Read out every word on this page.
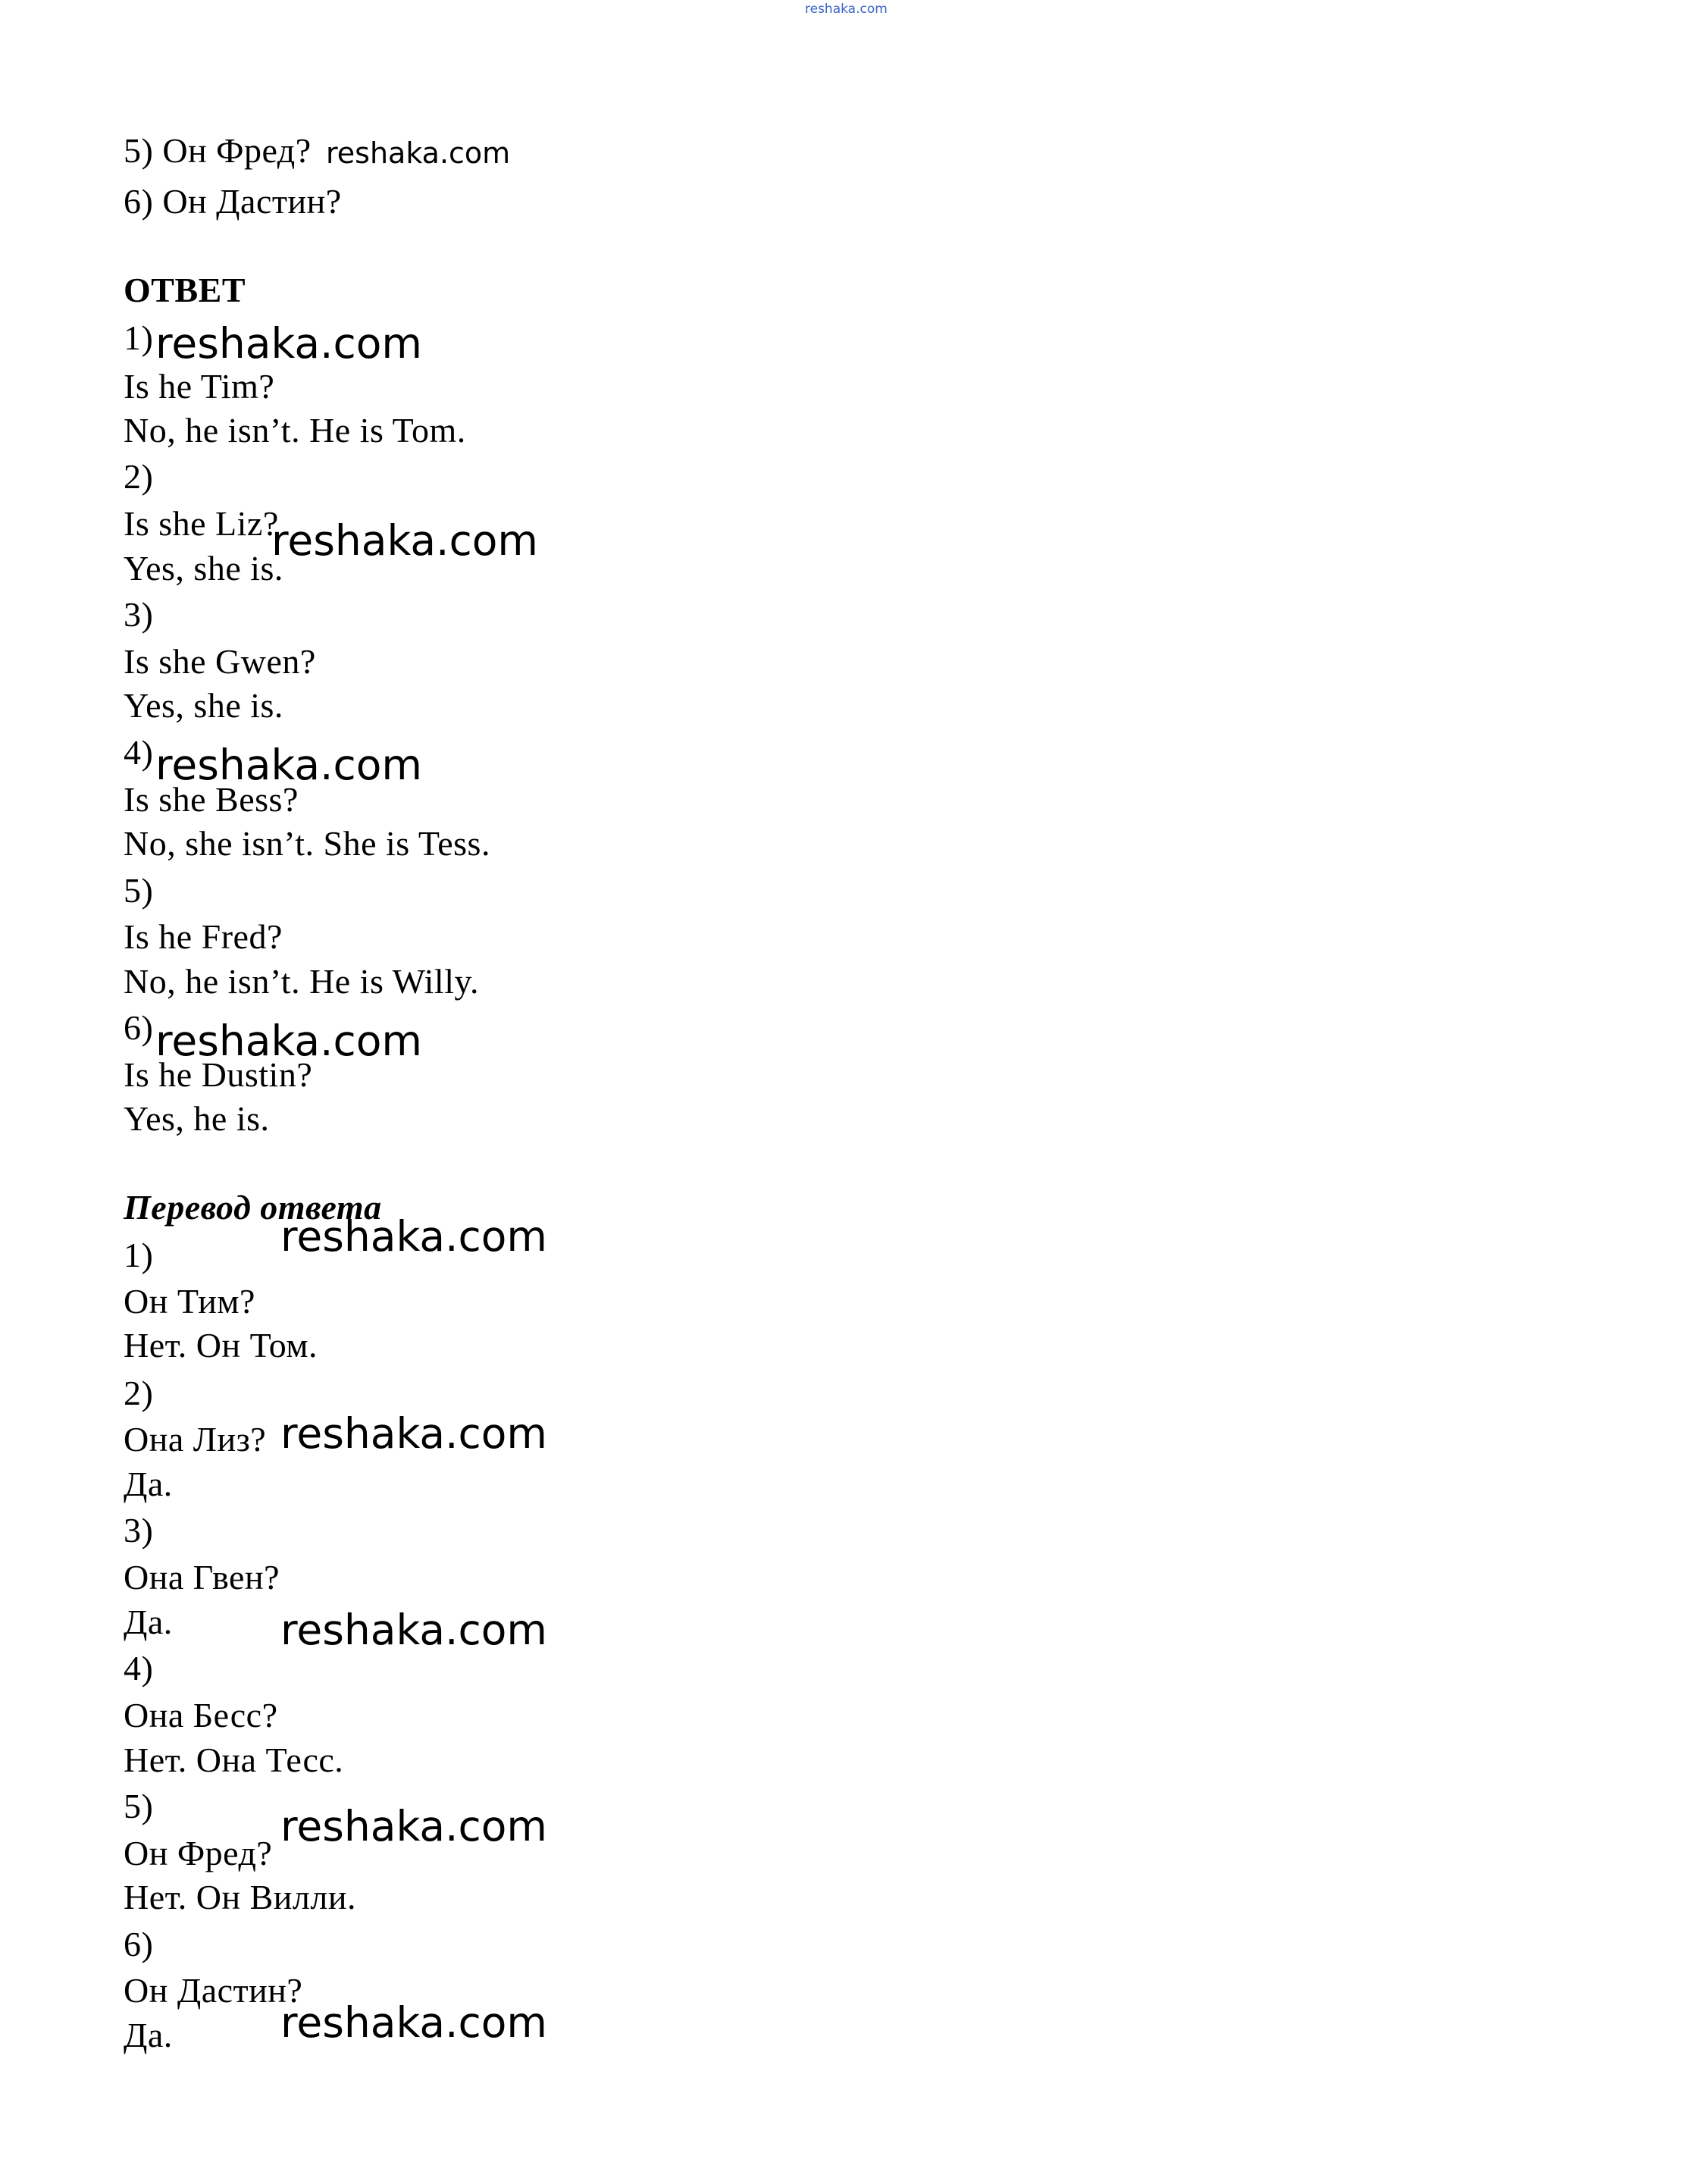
reshaka.com
5) Он Фред?
6) Он Дастин?
ОТВЕТ
1)
Is he Tim?
No, he isn’t. He is Tom.
2)
Is she Liz?
Yes, she is.
3)
Is she Gwen?
Yes, she is.
4)
Is she Bess?
No, she isn’t. She is Tess.
5)
Is he Fred?
No, he isn’t. He is Willy.
6)
Is he Dustin?
Yes, he is.
Перевод ответа
1)
Он Тим?
Нет. Он Том.
2)
Она Лиз?
Да.
3)
Она Гвен?
Да.
4)
Она Бесс?
Нет. Она Тесс.
5)
Он Фред?
Нет. Он Вилли.
6)
Он Дастин?
Да.
reshaka.com
reshaka.com
reshaka.com
reshaka.com
reshaka.com
reshaka.com
reshaka.com
reshaka.com
reshaka.com
reshaka.com
